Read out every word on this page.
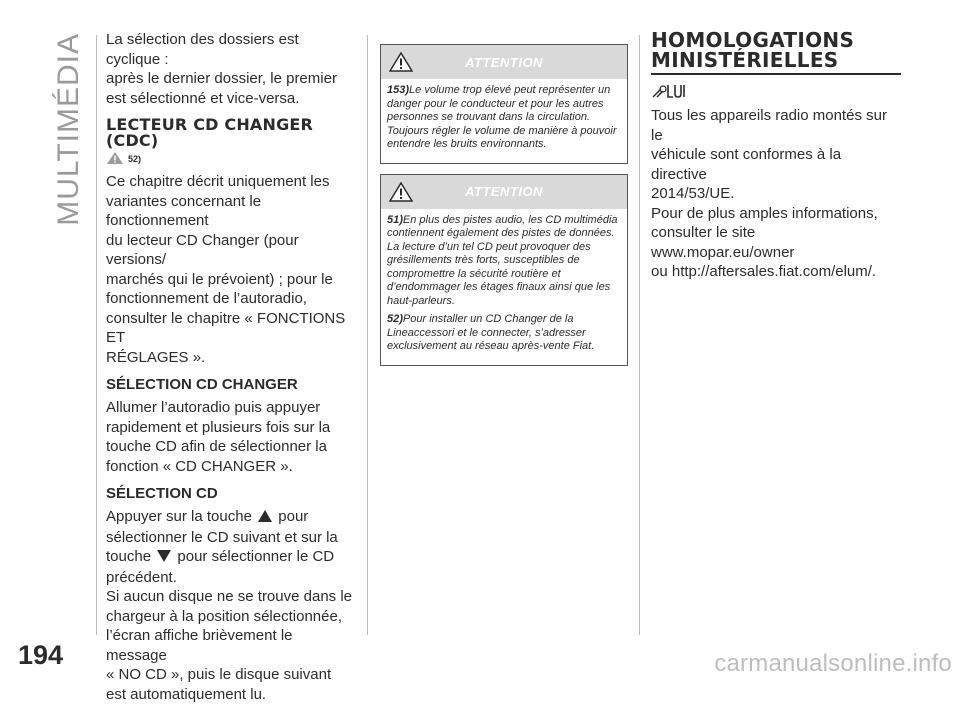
MULTIMÉDIA
194	carmanualsonline.info

La sélection des dossiers est cyclique :
après le dernier dossier, le premier
est sélectionné et vice-versa.

LECTEUR CD CHANGER
(CDC)
52)

Ce chapitre décrit uniquement les
variantes concernant le fonctionnement
du lecteur CD Changer (pour versions/
marchés qui le prévoient) ; pour le
fonctionnement de l’autoradio,
consulter le chapitre « FONCTIONS ET
RÉGLAGES ».

SÉLECTION CD CHANGER

Allumer l’autoradio puis appuyer
rapidement et plusieurs fois sur la
touche CD afin de sélectionner la
fonction « CD CHANGER ».

SÉLECTION CD

Appuyer sur la touche pour
sélectionner le CD suivant et sur la
touche pour sélectionner le CD
précédent.
Si aucun disque ne se trouve dans le
chargeur à la position sélectionnée,
l’écran affiche brièvement le message
« NO CD », puis le disque suivant
est automatiquement lu.

ATTENTION

153)Le volume trop élevé peut représenter un danger pour le conducteur et pour les autres personnes se trouvant dans la circulation. Toujours régler le volume de manière à pouvoir entendre les bruits environnants.

ATTENTION

51)En plus des pistes audio, les CD multimédia contiennent également des pistes de données. La lecture d’un tel CD peut provoquer des grésillements très forts, susceptibles de compromettre la sécurité routière et d’endommager les étages finaux ainsi que les haut-parleurs.

52)Pour installer un CD Changer de la Lineaccessori et le connecter, s’adresser exclusivement au réseau après-vente Fiat.

HOMOLOGATIONS
MINISTÉRIELLES

Tous les appareils radio montés sur le
véhicule sont conformes à la directive
2014/53/UE.
Pour de plus amples informations,
consulter le site www.mopar.eu/owner
ou http://aftersales.fiat.com/elum/.
